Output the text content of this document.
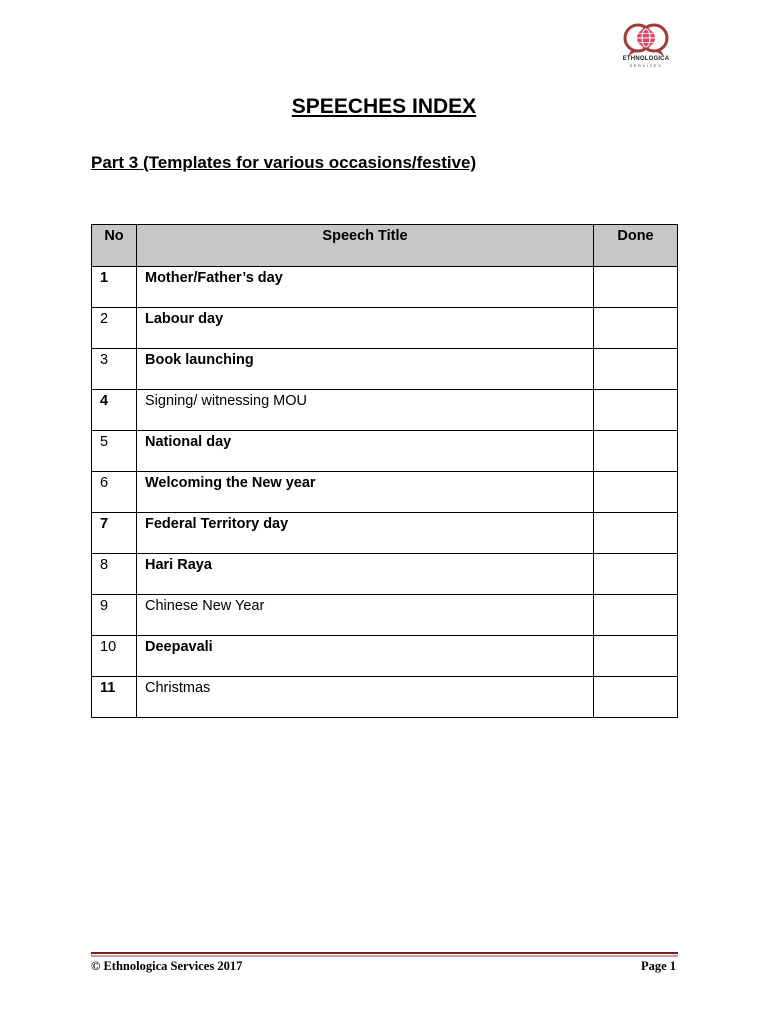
ETHNOLOGICA
SERVICES
SPEECHES INDEX
Part 3 (Templates for various occasions/festive)
No	Speech Title	Done
1	Mother/Father’s day	
2	Labour day	
3	Book launching	
4	Signing/ witnessing MOU	
5	National day	
6	Welcoming the New year	
7	Federal Territory day	
8	Hari Raya	
9	Chinese New Year	
10	Deepavali	
11	Christmas	
© Ethnologica Services 2017	Page 1
